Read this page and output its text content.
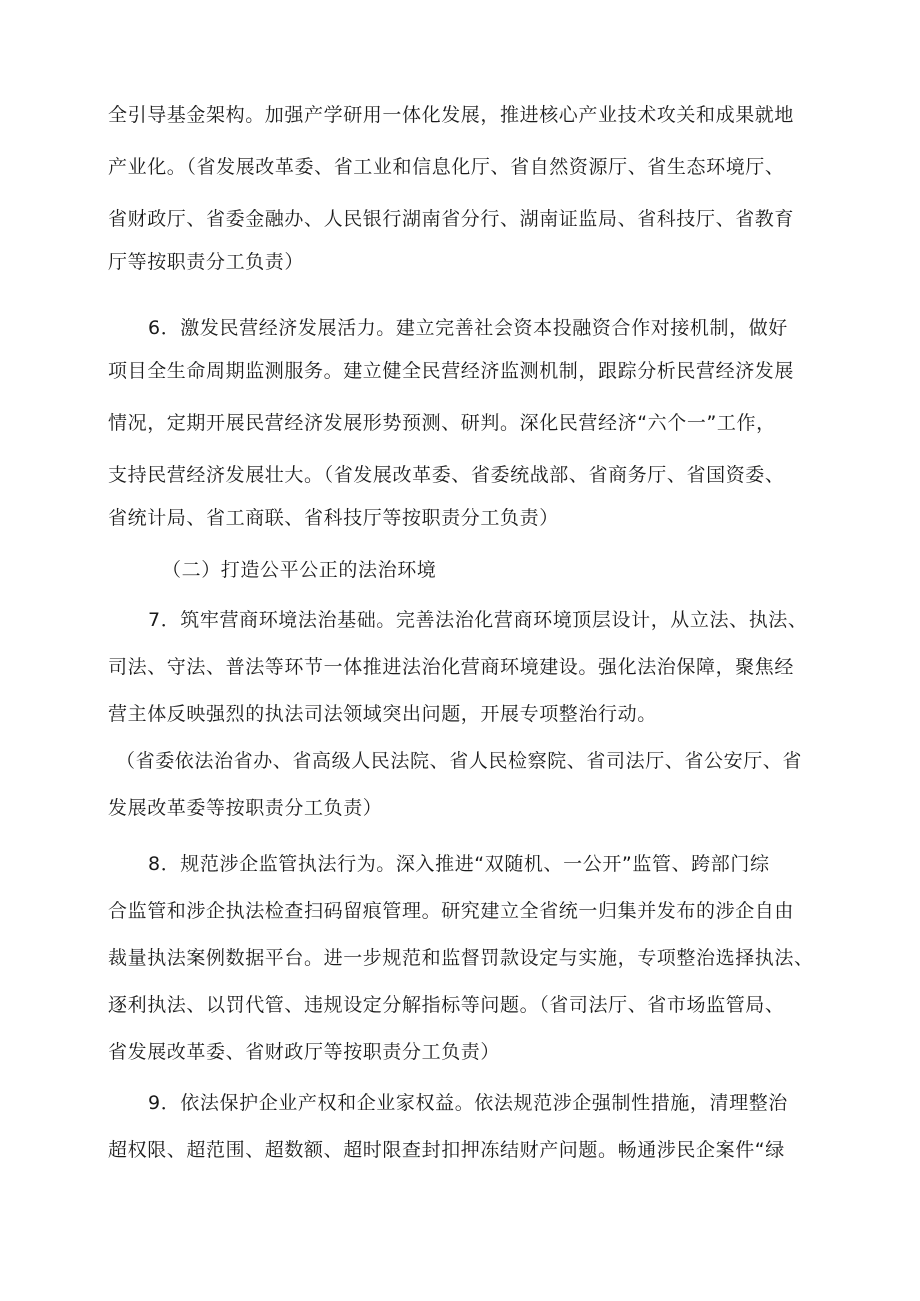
全引导基金架构。加强产学研用一体化发展，推进核心产业技术攻关和成果就地
产业化。（省发展改革委、省工业和信息化厅、省自然资源厅、省生态环境厅、
省财政厅、省委金融办、人民银行湖南省分行、湖南证监局、省科技厅、省教育
厅等按职责分工负责）
6．激发民营经济发展活力。建立完善社会资本投融资合作对接机制，做好
项目全生命周期监测服务。建立健全民营经济监测机制，跟踪分析民营经济发展
情况，定期开展民营经济发展形势预测、研判。深化民营经济“六个一”工作，
支持民营经济发展壮大。（省发展改革委、省委统战部、省商务厅、省国资委、
省统计局、省工商联、省科技厅等按职责分工负责）
（二）打造公平公正的法治环境
7．筑牢营商环境法治基础。完善法治化营商环境顶层设计，从立法、执法、
司法、守法、普法等环节一体推进法治化营商环境建设。强化法治保障，聚焦经
营主体反映强烈的执法司法领域突出问题，开展专项整治行动。
（省委依法治省办、省高级人民法院、省人民检察院、省司法厅、省公安厅、省
发展改革委等按职责分工负责）
8．规范涉企监管执法行为。深入推进“双随机、一公开”监管、跨部门综
合监管和涉企执法检查扫码留痕管理。研究建立全省统一归集并发布的涉企自由
裁量执法案例数据平台。进一步规范和监督罚款设定与实施，专项整治选择执法、
逐利执法、以罚代管、违规设定分解指标等问题。（省司法厅、省市场监管局、
省发展改革委、省财政厅等按职责分工负责）
9．依法保护企业产权和企业家权益。依法规范涉企强制性措施，清理整治
超权限、超范围、超数额、超时限查封扣押冻结财产问题。畅通涉民企案件“绿
